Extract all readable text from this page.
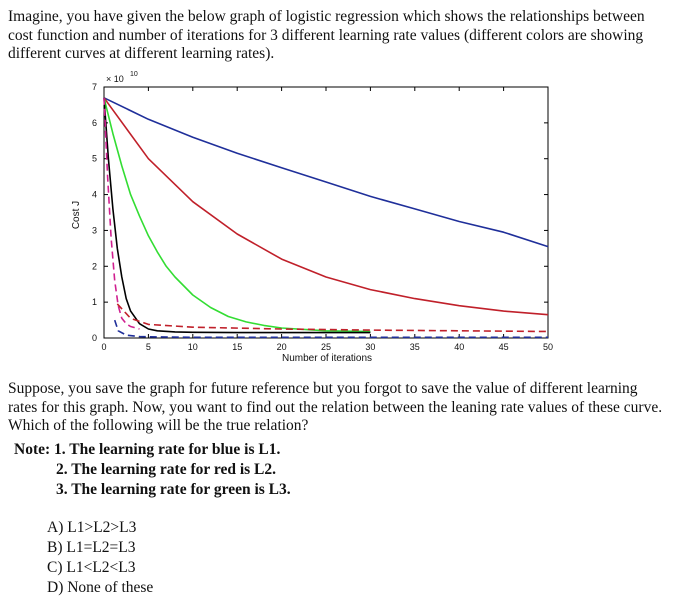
Imagine, you have given the below graph of logistic regression which shows the relationships between cost function and number of iterations for 3 different learning rate values (different colors are showing different curves at different learning rates).

0	5	10	15	20	25	30	35	40	45	50
0
1
2
3
4
5
6
7
× 10 10
Number of iterations
Cost J

Suppose, you save the graph for future reference but you forgot to save the value of different learning rates for this graph. Now, you want to find out the relation between the leaning rate values of these curve. Which of the following will be the true relation?

Note: 1. The learning rate for blue is L1.
2. The learning rate for red is L2.
3. The learning rate for green is L3.
A) L1>L2>L3
B) L1=L2=L3
C) L1<L2<L3
D) None of these
